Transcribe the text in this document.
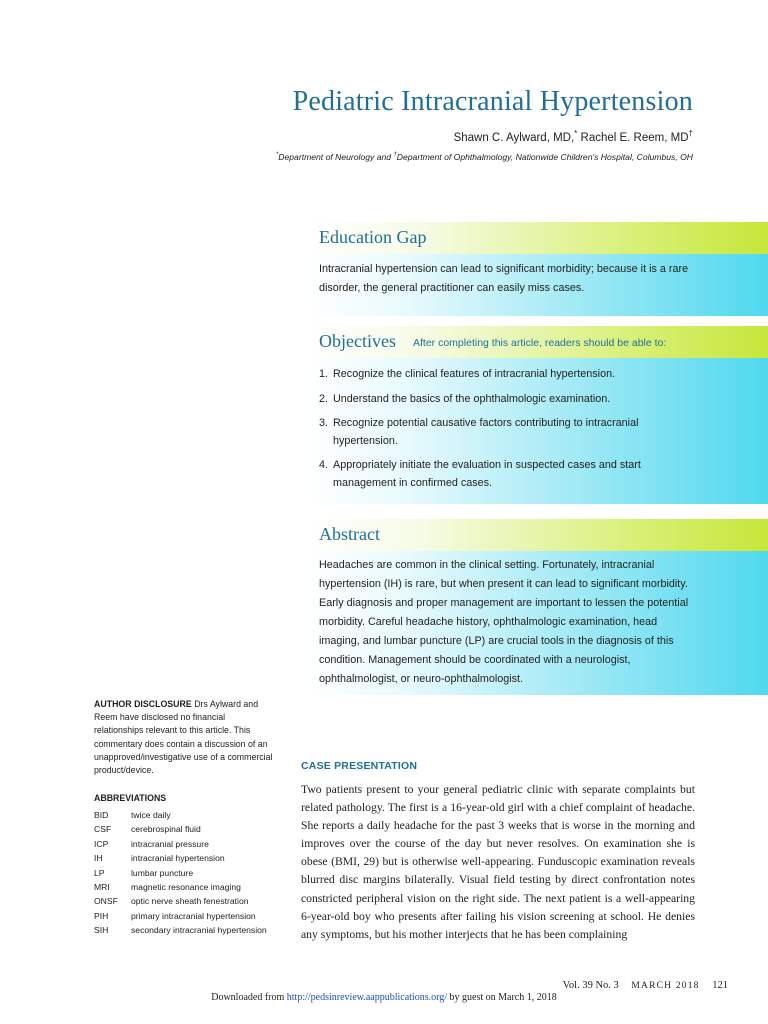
Pediatric Intracranial Hypertension
Shawn C. Aylward, MD,* Rachel E. Reem, MD†
*Department of Neurology and †Department of Ophthalmology, Nationwide Children's Hospital, Columbus, OH
Education Gap
Intracranial hypertension can lead to significant morbidity; because it is a rare disorder, the general practitioner can easily miss cases.
Objectives After completing this article, readers should be able to:
1. Recognize the clinical features of intracranial hypertension.
2. Understand the basics of the ophthalmologic examination.
3. Recognize potential causative factors contributing to intracranial hypertension.
4. Appropriately initiate the evaluation in suspected cases and start management in confirmed cases.
Abstract
Headaches are common in the clinical setting. Fortunately, intracranial hypertension (IH) is rare, but when present it can lead to significant morbidity. Early diagnosis and proper management are important to lessen the potential morbidity. Careful headache history, ophthalmologic examination, head imaging, and lumbar puncture (LP) are crucial tools in the diagnosis of this condition. Management should be coordinated with a neurologist, ophthalmologist, or neuro-ophthalmologist.
AUTHOR DISCLOSURE Drs Aylward and Reem have disclosed no financial relationships relevant to this article. This commentary does contain a discussion of an unapproved/investigative use of a commercial product/device.
ABBREVIATIONS
BID	twice daily
CSF	cerebrospinal fluid
ICP	intracranial pressure
IH	intracranial hypertension
LP	lumbar puncture
MRI	magnetic resonance imaging
ONSF	optic nerve sheath fenestration
PIH	primary intracranial hypertension
SIH	secondary intracranial hypertension
CASE PRESENTATION
Two patients present to your general pediatric clinic with separate complaints but related pathology. The first is a 16-year-old girl with a chief complaint of headache. She reports a daily headache for the past 3 weeks that is worse in the morning and improves over the course of the day but never resolves. On examination she is obese (BMI, 29) but is otherwise well-appearing. Funduscopic examination reveals blurred disc margins bilaterally. Visual field testing by direct confrontation notes constricted peripheral vision on the right side. The next patient is a well-appearing 6-year-old boy who presents after failing his vision screening at school. He denies any symptoms, but his mother interjects that he has been complaining
Vol. 39 No. 3 MARCH 2018 121
Downloaded from http://pedsinreview.aappublications.org/ by guest on March 1, 2018
